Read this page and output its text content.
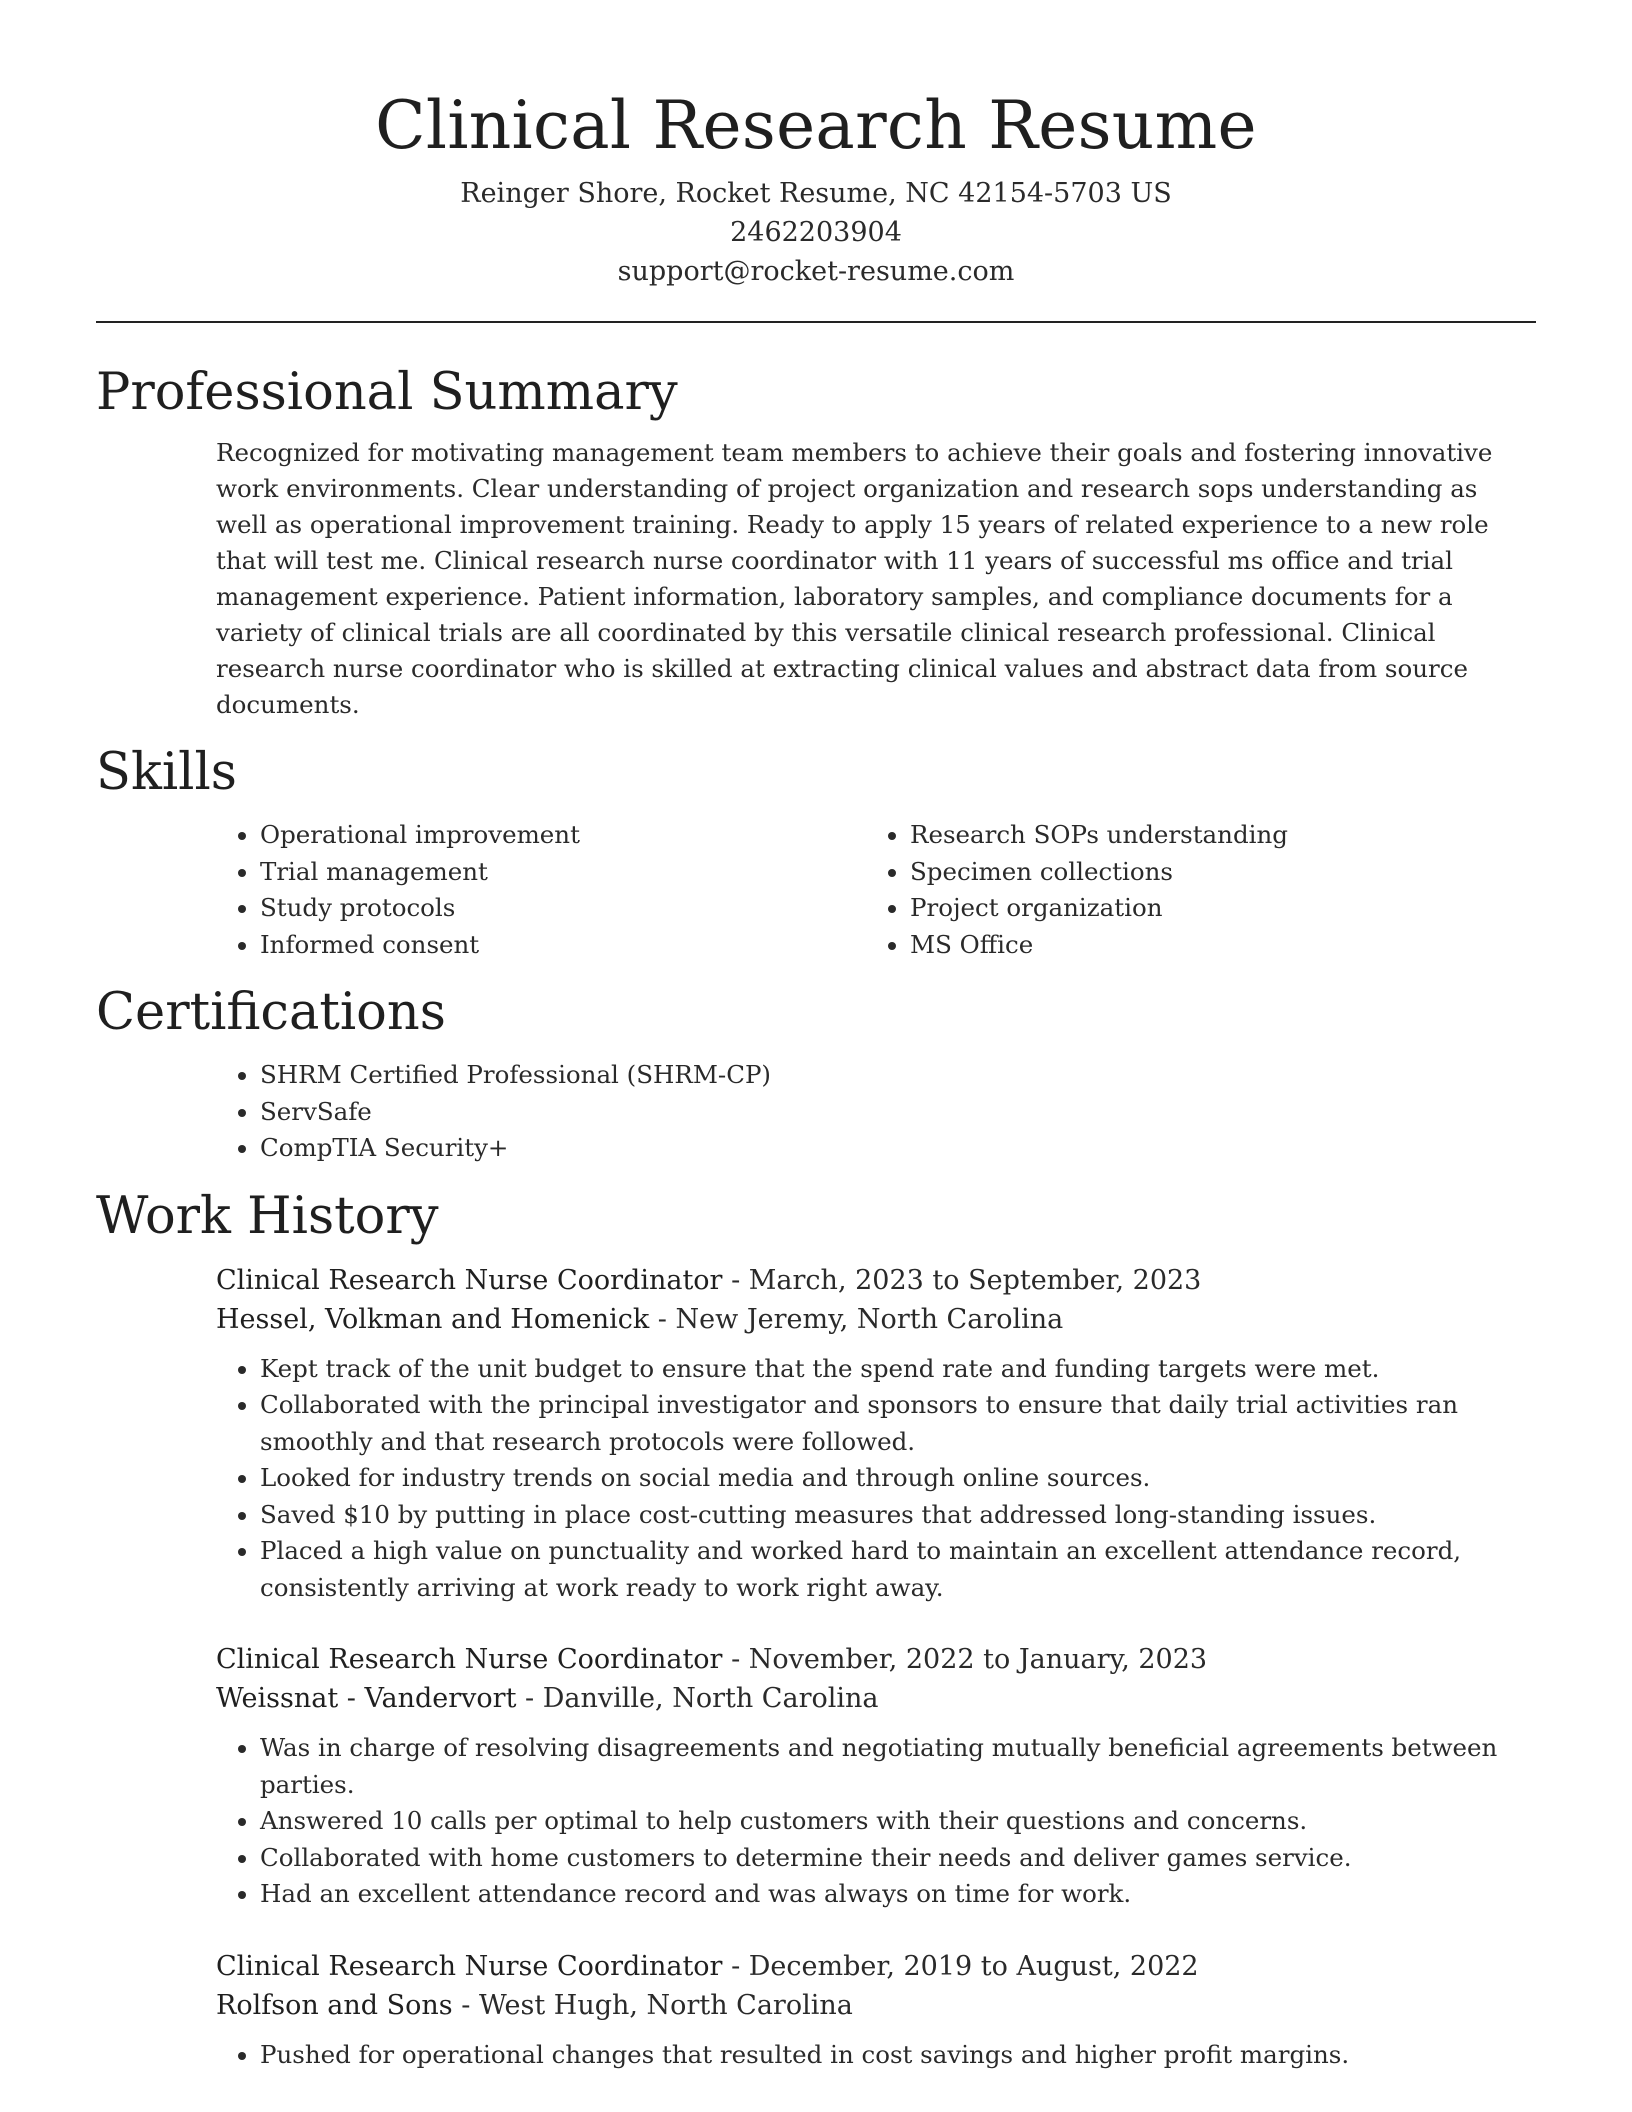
Clinical Research Resume
Reinger Shore, Rocket Resume, NC 42154-5703 US
2462203904
support@rocket-resume.com
Professional Summary

Recognized for motivating management team members to achieve their goals and fostering innovative work environments. Clear understanding of project organization and research sops understanding as well as operational improvement training. Ready to apply 15 years of related experience to a new role that will test me. Clinical research nurse coordinator with 11 years of successful ms office and trial management experience. Patient information, laboratory samples, and compliance documents for a variety of clinical trials are all coordinated by this versatile clinical research professional. Clinical research nurse coordinator who is skilled at extracting clinical values and abstract data from source documents.

Skills
• Operational improvement
• Trial management
• Study protocols
• Informed consent
• Research SOPs understanding
• Specimen collections
• Project organization
• MS Office
Certifications
• SHRM Certified Professional (SHRM-CP)
• ServSafe
• CompTIA Security+
Work History
Clinical Research Nurse Coordinator - March, 2023 to September, 2023
Hessel, Volkman and Homenick - New Jeremy, North Carolina
• Kept track of the unit budget to ensure that the spend rate and funding targets were met.
• Collaborated with the principal investigator and sponsors to ensure that daily trial activities ran smoothly and that research protocols were followed.
• Looked for industry trends on social media and through online sources.
• Saved $10 by putting in place cost-cutting measures that addressed long-standing issues.
• Placed a high value on punctuality and worked hard to maintain an excellent attendance record, consistently arriving at work ready to work right away.
Clinical Research Nurse Coordinator - November, 2022 to January, 2023
Weissnat - Vandervort - Danville, North Carolina
• Was in charge of resolving disagreements and negotiating mutually beneficial agreements between parties.
• Answered 10 calls per optimal to help customers with their questions and concerns.
• Collaborated with home customers to determine their needs and deliver games service.
• Had an excellent attendance record and was always on time for work.
Clinical Research Nurse Coordinator - December, 2019 to August, 2022
Rolfson and Sons - West Hugh, North Carolina
• Pushed for operational changes that resulted in cost savings and higher profit margins.
